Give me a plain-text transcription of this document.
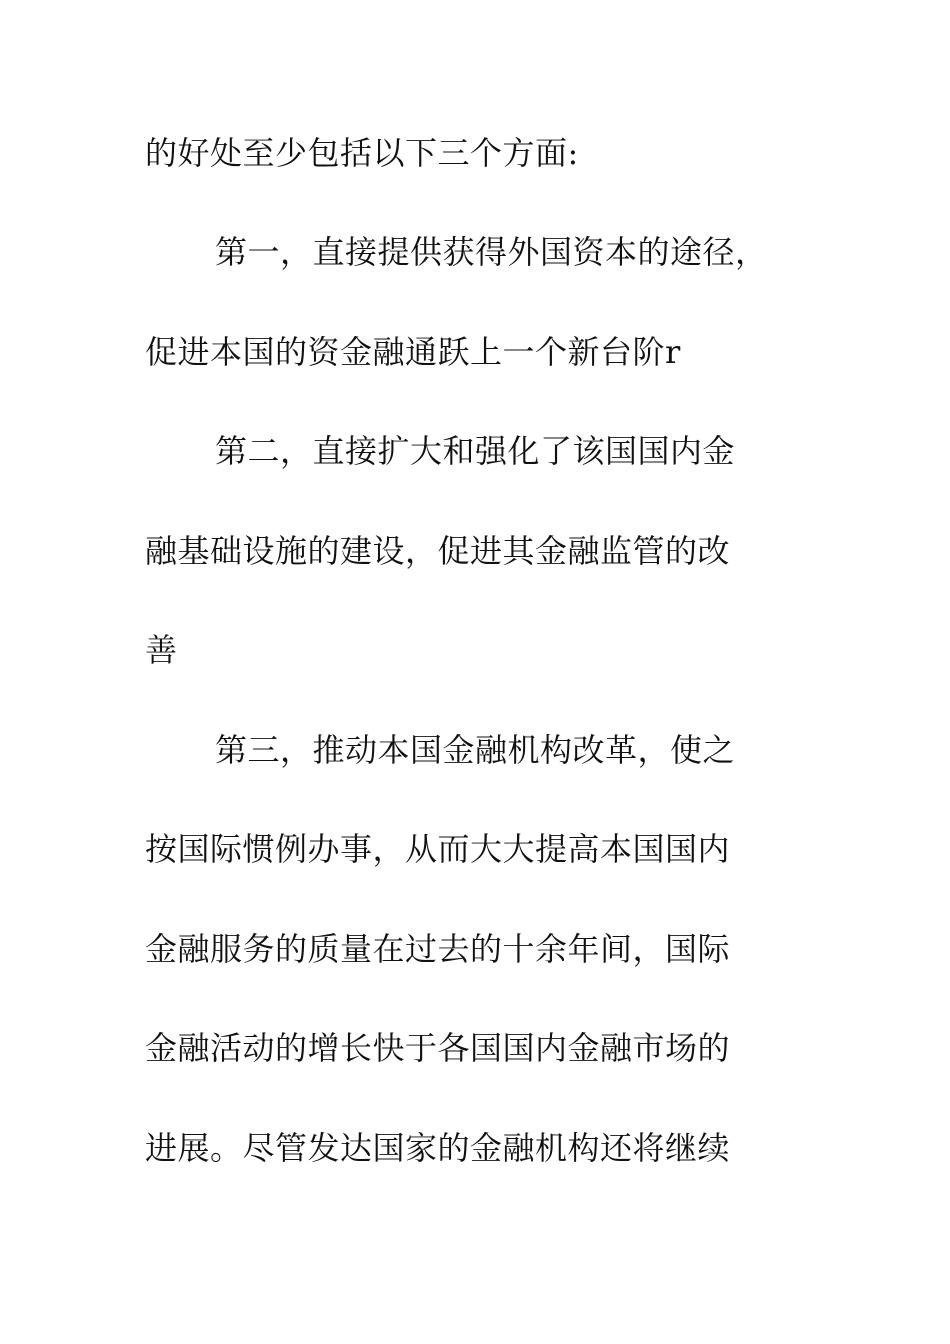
的好处至少包括以下三个方面:
第一，直接提供获得外国资本的途径，
促进本国的资金融通跃上一个新台阶r
第二，直接扩大和强化了该国国内金
融基础设施的建设，促进其金融监管的改
善
第三，推动本国金融机构改革，使之
按国际惯例办事，从而大大提高本国国内
金融服务的质量在过去的十余年间，国际
金融活动的增长快于各国国内金融市场的
进展。尽管发达国家的金融机构还将继续
